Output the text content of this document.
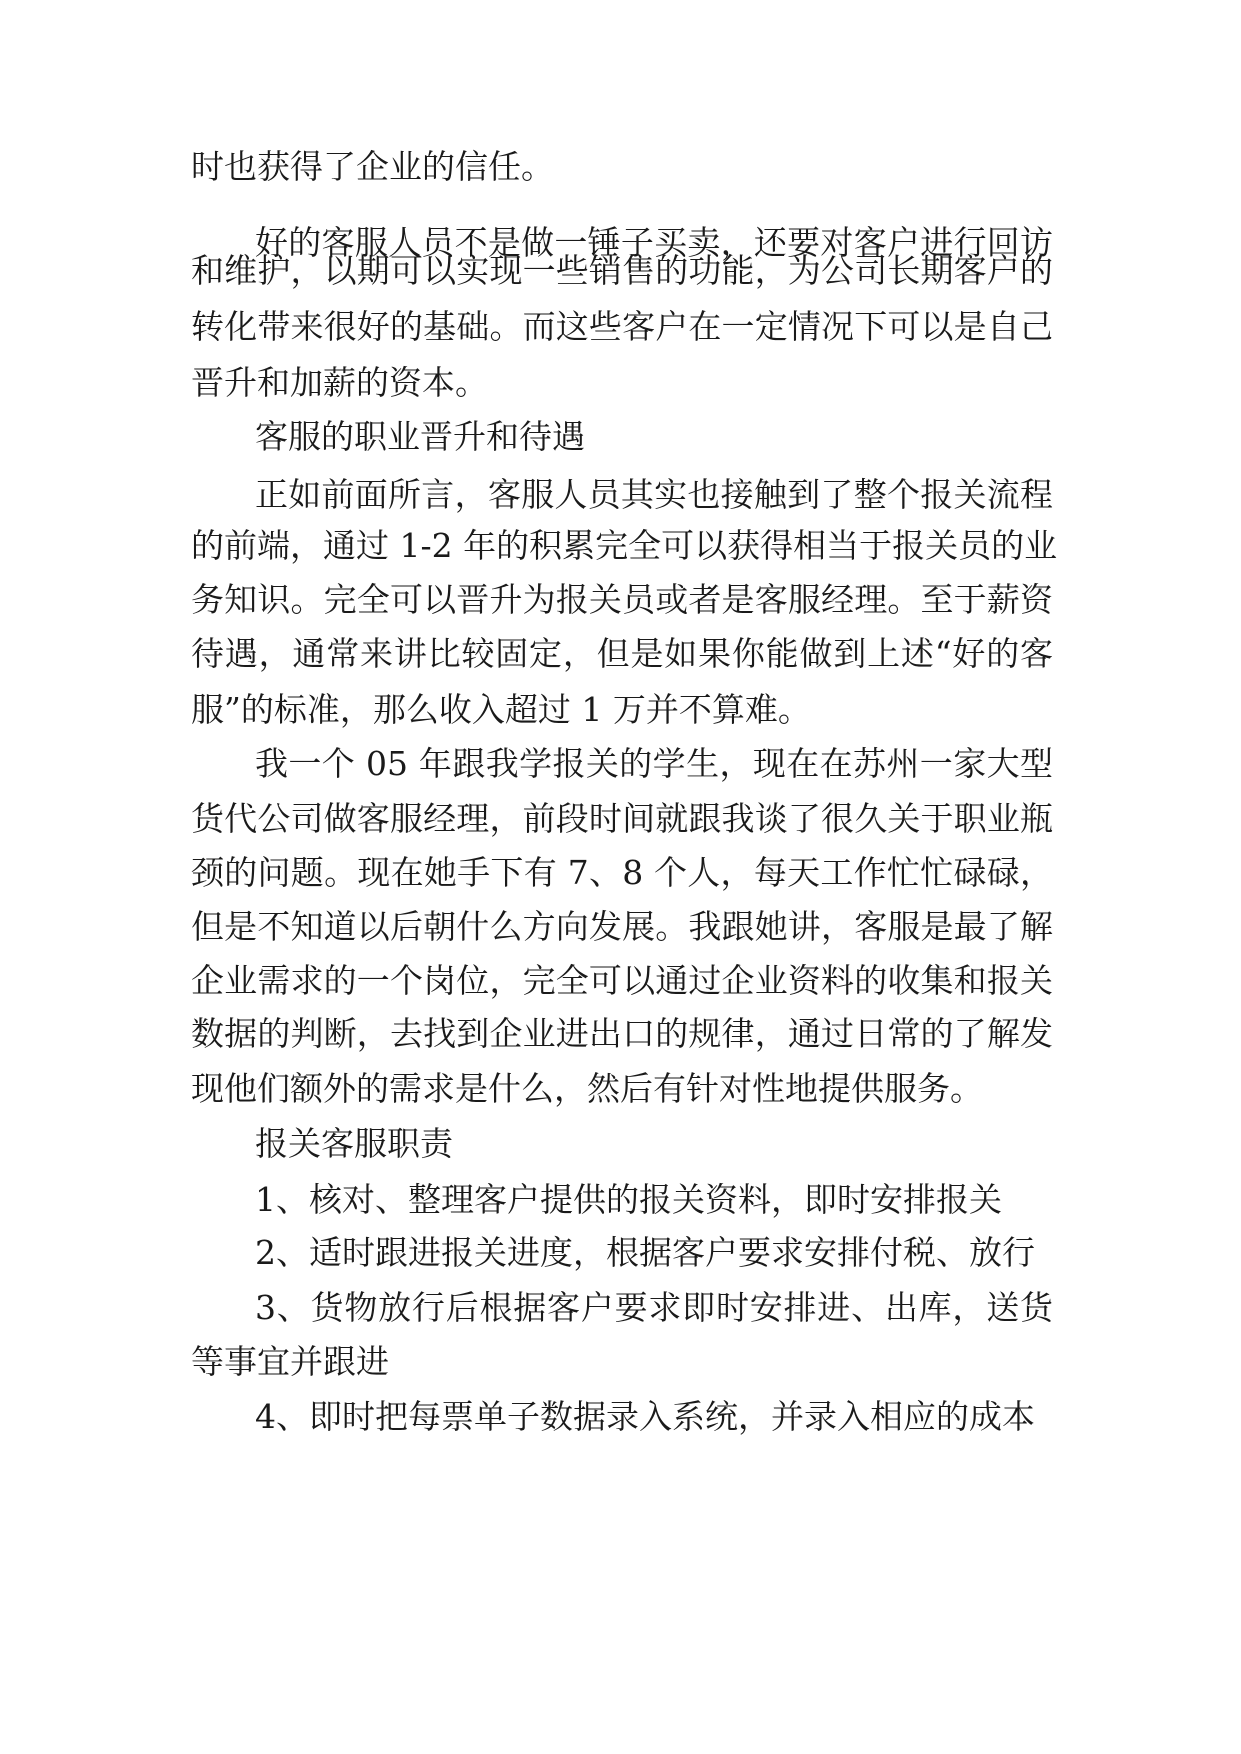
时也获得了企业的信任。
好的客服人员不是做一锤子买卖，还要对客户进行回访
和维护，以期可以实现一些销售的功能，为公司长期客户的
转化带来很好的基础。而这些客户在一定情况下可以是自己
晋升和加薪的资本。
客服的职业晋升和待遇
正如前面所言，客服人员其实也接触到了整个报关流程
的前端，通过 1-2 年的积累完全可以获得相当于报关员的业
务知识。完全可以晋升为报关员或者是客服经理。至于薪资
待遇，通常来讲比较固定，但是如果你能做到上述“好的客
服”的标准，那么收入超过 1 万并不算难。
我一个 05 年跟我学报关的学生，现在在苏州一家大型
货代公司做客服经理，前段时间就跟我谈了很久关于职业瓶
颈的问题。现在她手下有 7、8 个人，每天工作忙忙碌碌，
但是不知道以后朝什么方向发展。我跟她讲，客服是最了解
企业需求的一个岗位，完全可以通过企业资料的收集和报关
数据的判断，去找到企业进出口的规律，通过日常的了解发
现他们额外的需求是什么，然后有针对性地提供服务。
报关客服职责
1、核对、整理客户提供的报关资料，即时安排报关
2、适时跟进报关进度，根据客户要求安排付税、放行
3、货物放行后根据客户要求即时安排进、出库，送货
等事宜并跟进
4、即时把每票单子数据录入系统，并录入相应的成本
